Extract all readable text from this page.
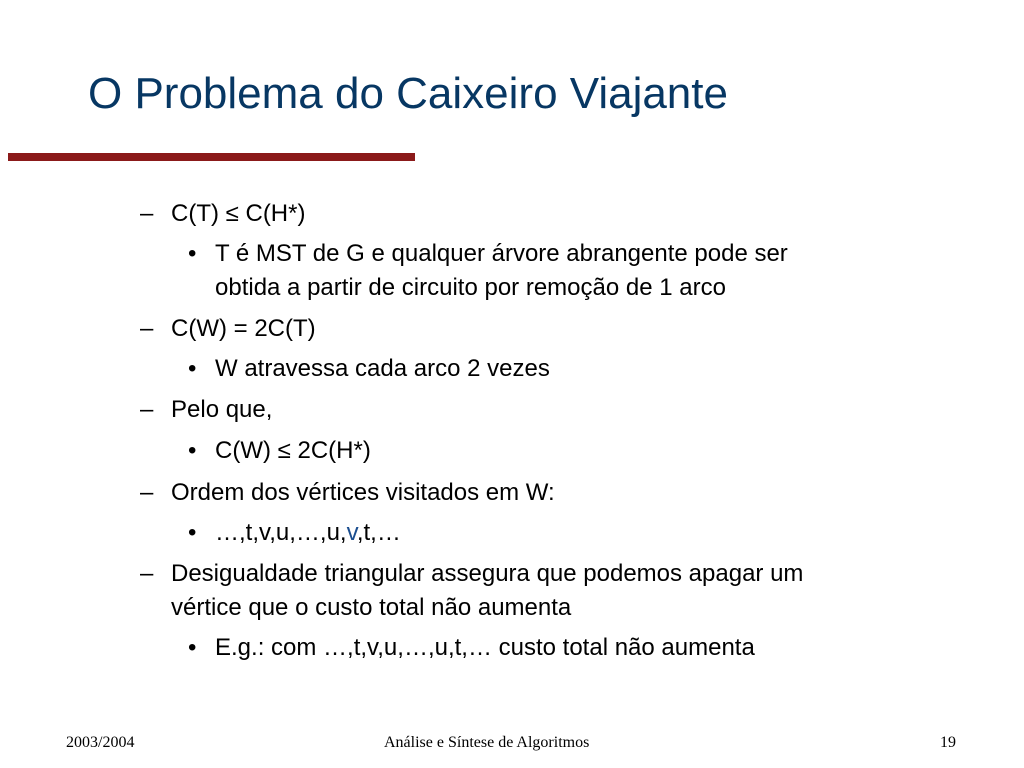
O Problema do Caixeiro Viajante
– C(T) ≤ C(H*)
• T é MST de G e qualquer árvore abrangente pode ser
obtida a partir de circuito por remoção de 1 arco
– C(W) = 2C(T)
• W atravessa cada arco 2 vezes
– Pelo que,
• C(W) ≤ 2C(H*)
– Ordem dos vértices visitados em W:
• …,t,v,u,…,u,v,t,…
– Desigualdade triangular assegura que podemos apagar um
vértice que o custo total não aumenta
• E.g.: com …,t,v,u,…,u,t,… custo total não aumenta
2003/2004	Análise e Síntese de Algoritmos	19
